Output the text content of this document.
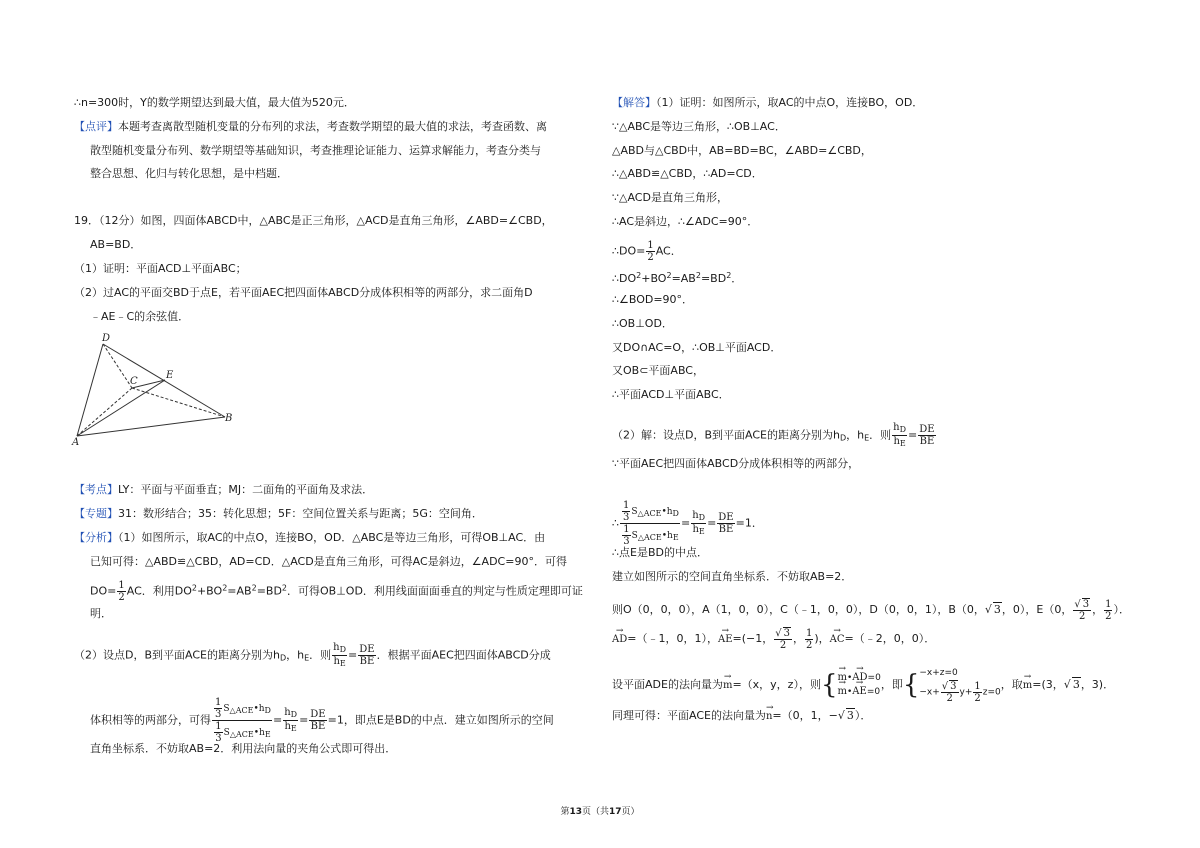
∴n=300时，Y的数学期望达到最大值，最大值为520元．
【点评】本题考查离散型随机变量的分布列的求法，考查数学期望的最大值的求法，考查函数、离
散型随机变量分布列、数学期望等基础知识，考查推理论证能力、运算求解能力，考查分类与
整合思想、化归与转化思想，是中档题．
19．（12分）如图，四面体ABCD中，△ABC是正三角形，△ACD是直角三角形，∠ABD=∠CBD，
AB=BD．
（1）证明：平面ACD⊥平面ABC；
（2）过AC的平面交BD于点E，若平面AEC把四面体ABCD分成体积相等的两部分，求二面角D
﹣AE﹣C的余弦值．
D
C
E
B
A
【考点】LY：平面与平面垂直；MJ：二面角的平面角及求法．
【专题】31：数形结合；35：转化思想；5F：空间位置关系与距离；5G：空间角．
【分析】（1）如图所示，取AC的中点O，连接BO，OD．△ABC是等边三角形，可得OB⊥AC．由
已知可得：△ABD≌△CBD，AD=CD．△ACD是直角三角形，可得AC是斜边，∠ADC=90°．可得
$DO= \frac{1}{2}$ AC．利用$DO^2+BO^2=AB^2=BD^2$．可得OB⊥OD．利用线面面面垂直的判定与性质定理即可证
明．
（2）设点D，B到平面ACE的距离分别为$h_D$，$h_E$．则 $\frac{h_D}{h_E} = \frac{DE}{BE}$ ．根据平面AEC把四面体ABCD分成
体积相等的两部分，可得 $\frac{\frac{1}{3} S\triangle ACE•hD}{\frac{1}{3} S\triangle ACE•hE} = \frac{h_D}{h_E} = \frac{DE}{BE} =1$，即点E是BD的中点．建立如图所示的空间
直角坐标系．不妨取AB=2．利用法向量的夹角公式即可得出．
【解答】（1）证明：如图所示，取AC的中点O，连接BO，OD．
∵△ABC是等边三角形，∴OB⊥AC．
△ABD与△CBD中，AB=BD=BC，∠ABD=∠CBD，
∴△ABD≌△CBD，∴AD=CD．
∵△ACD是直角三角形，
∴AC是斜边，∴∠ADC=90°．
∴DO= $\frac{1}{2}$ AC．
$\therefore DO^2+BO^2=AB^2=BD^2$．
∴∠BOD=90°．
∴OB⊥OD．
又DO∩AC=O，∴OB⊥平面ACD．
又OB⊂平面ABC，
∴平面ACD⊥平面ABC．
（2）解：设点D，B到平面ACE的距离分别为$h_D$，$h_E$．则 $\frac{h_D}{h_E} = \frac{DE}{BE}$
∵平面AEC把四面体ABCD分成体积相等的两部分，
∴ $\frac{\frac{1}{3} S\triangle ACE•hD}{\frac{1}{3} S\triangle ACE•hE} = \frac{h_D}{h_E} = \frac{DE}{BE} =1$．
∴点E是BD的中点．
建立如图所示的空间直角坐标系．不妨取AB=2．
则O（0，0，0），A（1，0，0），C（﹣1，0，0），D（0，0，1），B（0，√ 3，0），E（0， $\frac{√ 3}{2}$ ， $\frac{1}{2}$ ）．
→ AD=（﹣1，0，1），→ AE=(−1， $\frac{√ 3}{2}$ ， $\frac{1}{2}$ )，→ AC=（﹣2，0，0）．
设平面ADE的法向量为→ m=（x，y，z），则{
→ m•→ AD=0
→ m•→ AE=0
，即{ −x+z=0
$-x+ \frac{√ 3}{2} y+ \frac{1}{2} z=0$
，取→ m=(3，√ 3，3)．
同理可得：平面ACE的法向量为→ n=（0，1，−√ 3）．
第13页（共17页）
